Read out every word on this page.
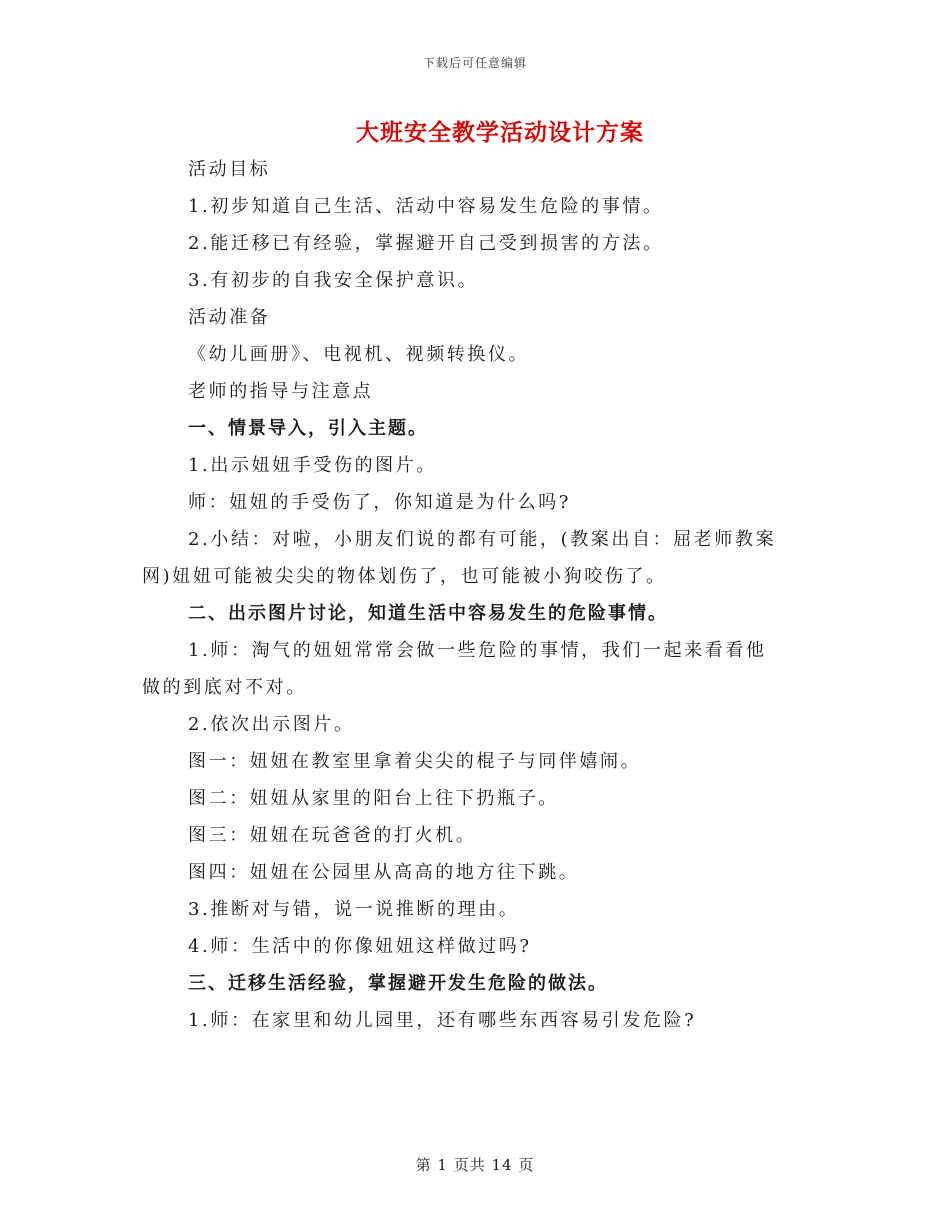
下载后可任意编辑
大班安全教学活动设计方案
活动目标
1.初步知道自己生活、活动中容易发生危险的事情。
2.能迁移已有经验，掌握避开自己受到损害的方法。
3.有初步的自我安全保护意识。
活动准备
《幼儿画册》、电视机、视频转换仪。
老师的指导与注意点
一、情景导入，引入主题。
1.出示妞妞手受伤的图片。
师：妞妞的手受伤了，你知道是为什么吗?
2.小结：对啦，小朋友们说的都有可能，(教案出自：屈老师教案
网)妞妞可能被尖尖的物体划伤了，也可能被小狗咬伤了。
二、出示图片讨论，知道生活中容易发生的危险事情。
1.师：淘气的妞妞常常会做一些危险的事情，我们一起来看看他
做的到底对不对。
2.依次出示图片。
图一：妞妞在教室里拿着尖尖的棍子与同伴嬉闹。
图二：妞妞从家里的阳台上往下扔瓶子。
图三：妞妞在玩爸爸的打火机。
图四：妞妞在公园里从高高的地方往下跳。
3.推断对与错，说一说推断的理由。
4.师：生活中的你像妞妞这样做过吗?
三、迁移生活经验，掌握避开发生危险的做法。
1.师：在家里和幼儿园里，还有哪些东西容易引发危险?
第 1 页共 14 页
